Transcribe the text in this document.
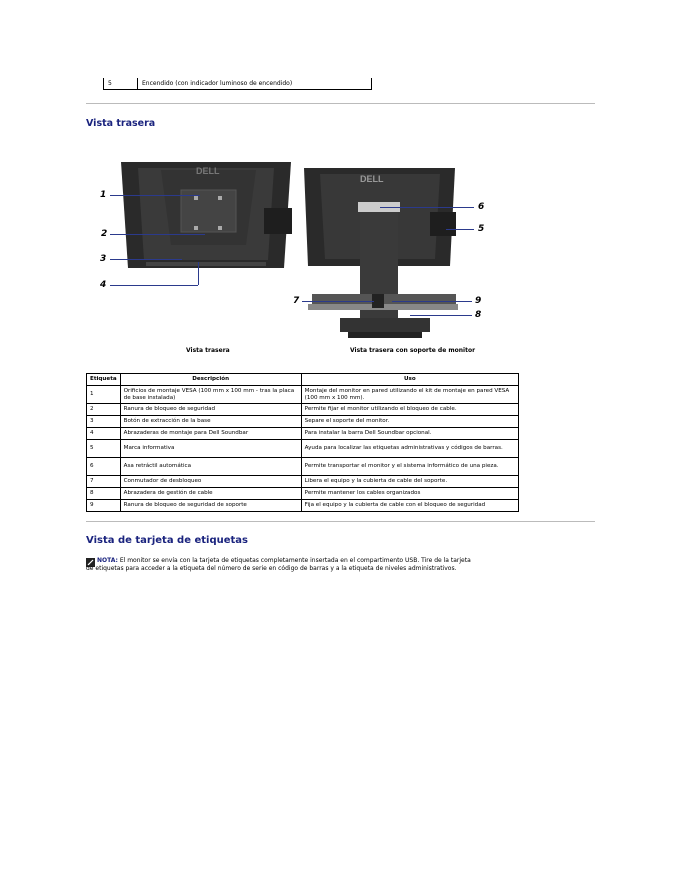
5	Encendido (con indicador luminoso de encendido)
Vista trasera
DELL
DELL
1
2
3
4
6
5
9
8
7
Vista trasera	Vista trasera con soporte de monitor
Etiqueta	Descripción	Uso
1	Orificios de montaje VESA (100 mm x 100 mm - tras la placa de base instalada)	Montaje del monitor en pared utilizando el kit de montaje en pared VESA (100 mm x 100 mm).
2	Ranura de bloqueo de seguridad	Permite fijar el monitor utilizando el bloqueo de cable.
3	Botón de extracción de la base	Separe el soporte del monitor.
4	Abrazaderas de montaje para Dell Soundbar	Para instalar la barra Dell Soundbar opcional.
5	Marca informativa	Ayuda para localizar las etiquetas administrativas y códigos de barras.
6	Asa retráctil automática	Permite transportar el monitor y el sistema informático de una pieza.
7	Conmutador de desbloqueo	Libera el equipo y la cubierta de cable del soporte.
8	Abrazadera de gestión de cable	Permite mantener los cables organizados
9	Ranura de bloqueo de seguridad de soporte	Fija el equipo y la cubierta de cable con el bloqueo de seguridad
Vista de tarjeta de etiquetas
NOTA: El monitor se envía con la tarjeta de etiquetas completamente insertada en el compartimento USB. Tire de la tarjeta de etiquetas para acceder a la etiqueta del número de serie en código de barras y a la etiqueta de niveles administrativos.
